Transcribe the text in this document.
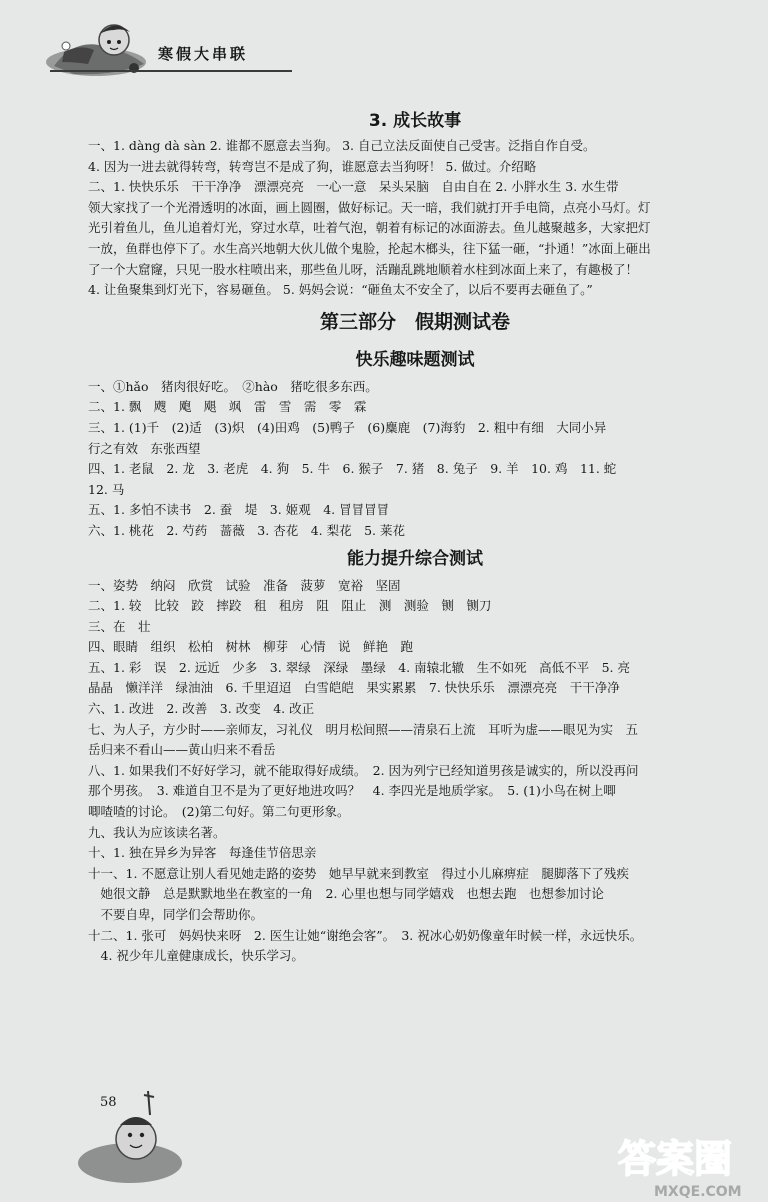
寒假大串联
3. 成长故事
一、1. dàng dà sàn 2. 谁都不愿意去当狗。 3. 自己立法反面使自己受害。泛指自作自受。
4. 因为一进去就得转弯，转弯岂不是成了狗，谁愿意去当狗呀！ 5. 做过。介绍略
二、1. 快快乐乐　干干净净　漂漂亮亮　一心一意　呆头呆脑　自由自在 2. 小胖水生 3. 水生带
领大家找了一个光滑透明的冰面，画上圆圈，做好标记。天一暗，我们就打开手电筒，点亮小马灯。灯
光引着鱼儿，鱼儿追着灯光，穿过水草，吐着气泡，朝着有标记的冰面游去。鱼儿越聚越多，大家把灯
一放，鱼群也停下了。水生高兴地朝大伙儿做个鬼脸，抡起木榔头，往下猛一砸，“扑通！”冰面上砸出
了一个大窟窿，只见一股水柱喷出来，那些鱼儿呀，活蹦乱跳地顺着水柱到冰面上来了，有趣极了！
4. 让鱼聚集到灯光下，容易砸鱼。 5. 妈妈会说：“砸鱼太不安全了，以后不要再去砸鱼了。”
第三部分　假期测试卷
快乐趣味题测试
一、①hǎo　猪肉很好吃。　②hào　猪吃很多东西。
二、1. 飘　飕　飑　飓　飒　雷　雪　需　零　霖
三、1. (1)千　(2)适　(3)炽　(4)田鸡　(5)鸭子　(6)麋鹿　(7)海豹　2. 粗中有细　大同小异
行之有效　东张西望
四、1. 老鼠　2. 龙　3. 老虎　4. 狗　5. 牛　6. 猴子　7. 猪　8. 兔子　9. 羊　10. 鸡　11. 蛇
12. 马
五、1. 多怕不读书　2. 蚕　堤　3. 姬观　4. 冒冒冒冒
六、1. 桃花　2. 芍药　蔷薇　3. 杏花　4. 梨花　5. 莱花
能力提升综合测试
一、姿势　纳闷　欣赏　试验　准备　菠萝　宽裕　坚固
二、1. 较　比较　跤　摔跤　租　租房　阻　阻止　测　测验　铡　铡刀
三、在　壮
四、眼睛　组织　松柏　树林　柳芽　心情　说　鲜艳　跑
五、1. 彩　误　2. 远近　少多　3. 翠绿　深绿　墨绿　4. 南辕北辙　生不如死　高低不平　5. 亮
晶晶　懒洋洋　绿油油　6. 千里迢迢　白雪皑皑　果实累累　7. 快快乐乐　漂漂亮亮　干干净净
六、1. 改进　2. 改善　3. 改变　4. 改正
七、为人子，方少时——亲师友，习礼仪　明月松间照——清泉石上流　耳听为虚——眼见为实　五
岳归来不看山——黄山归来不看岳
八、1. 如果我们不好好学习，就不能取得好成绩。　2. 因为列宁已经知道男孩是诚实的，所以没再问
那个男孩。　3. 难道自卫不是为了更好地进攻吗？　4. 李四光是地质学家。　5. (1)小鸟在树上唧
唧喳喳的讨论。　(2)第二句好。第二句更形象。
九、我认为应该读名著。
十、1. 独在异乡为异客　每逢佳节倍思亲
十一、1. 不愿意让别人看见她走路的姿势　她早早就来到教室　得过小儿麻痹症　腿脚落下了残疾
　她很文静　总是默默地坐在教室的一角　2. 心里也想与同学嬉戏　也想去跑　也想参加讨论
　不要自卑，同学们会帮助你。
十二、1. 张可　妈妈快来呀　2. 医生让她“谢绝会客”。　3. 祝冰心奶奶像童年时候一样，永远快乐。
　4. 祝少年儿童健康成长，快乐学习。
58
答案圈
MXQE.COM
